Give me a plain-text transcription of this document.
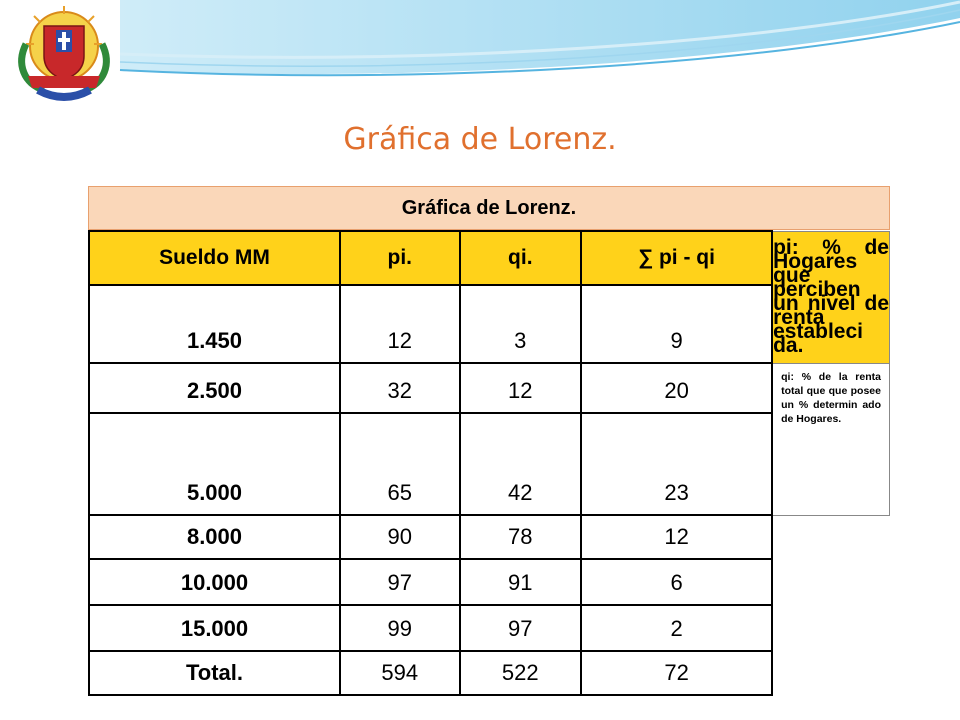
Gráfica de Lorenz.
Gráfica de Lorenz.
Sueldo MM	pi.	qi.	∑ pi - qi	pi: % de Hogares que perciben un nivel de renta estableci da.
1.450	12	3	9	
2.500	32	12	20	qi: % de la renta total que que posee un % determin ado de Hogares.
5.000	65	42	23	
8.000	90	78	12	
10.000	97	91	6	
15.000	99	97	2	
Total.	594	522	72	
